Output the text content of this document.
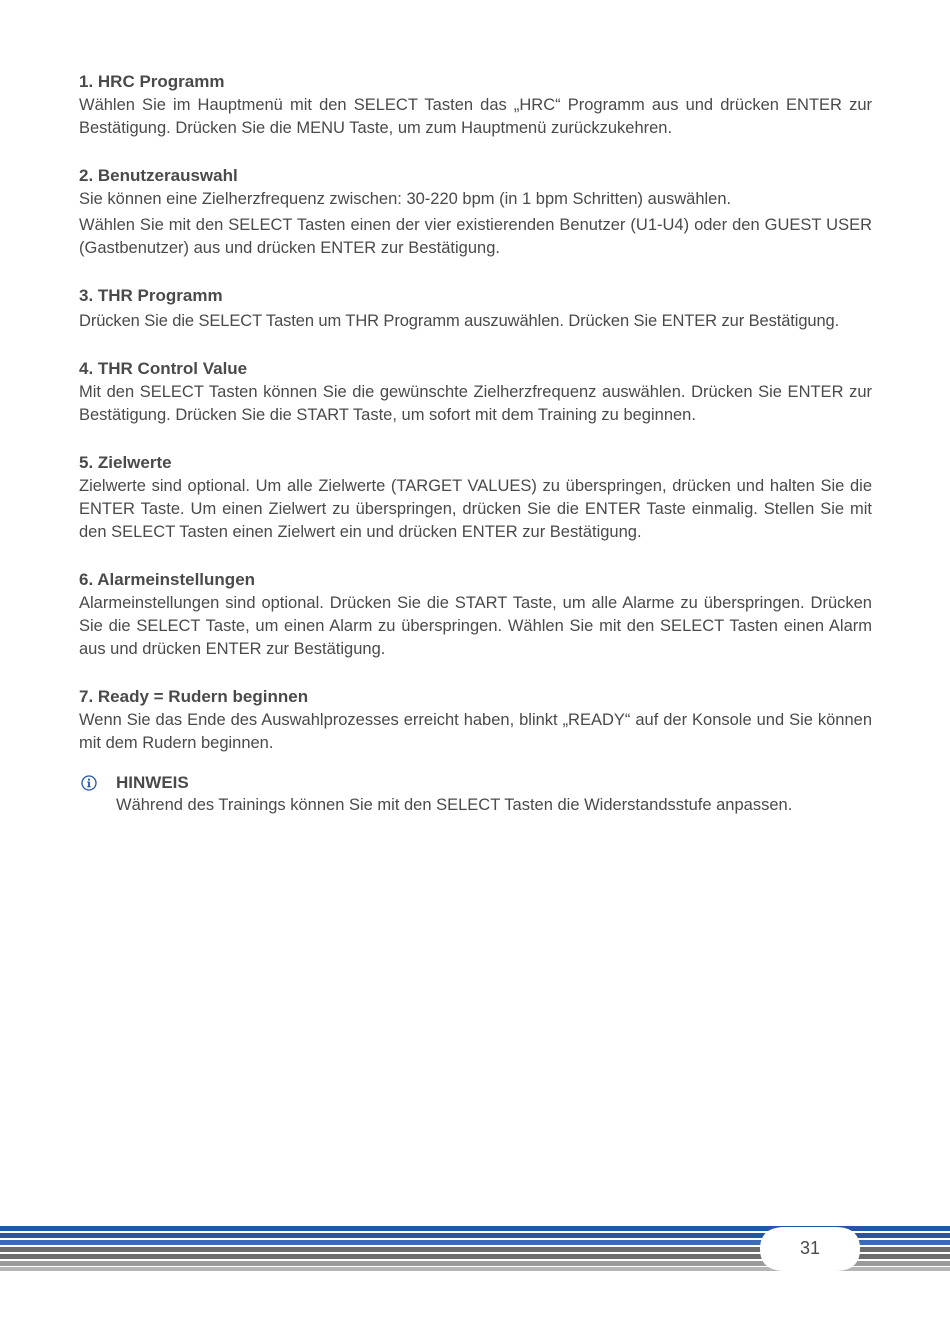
1. HRC Programm

Wählen Sie im Hauptmenü mit den SELECT Tasten das „HRC“ Programm aus und drücken ENTER zur Bestätigung. Drücken Sie die MENU Taste, um zum Hauptmenü zurückzukehren.

2. Benutzerauswahl

Sie können eine Zielherzfrequenz zwischen: 30-220 bpm (in 1 bpm Schritten) auswählen.

Wählen Sie mit den SELECT Tasten einen der vier existierenden Benutzer (U1-U4) oder den GUEST USER (Gastbenutzer) aus und drücken ENTER zur Bestätigung.

3. THR Programm

Drücken Sie die SELECT Tasten um THR Programm auszuwählen. Drücken Sie ENTER zur Bestätigung.

4. THR Control Value

Mit den SELECT Tasten können Sie die gewünschte Zielherzfrequenz auswählen. Drücken Sie ENTER zur Bestätigung. Drücken Sie die START Taste, um sofort mit dem Training zu beginnen.

5. Zielwerte

Zielwerte sind optional. Um alle Zielwerte (TARGET VALUES) zu überspringen, drücken und halten Sie die ENTER Taste. Um einen Zielwert zu überspringen, drücken Sie die ENTER Taste einmalig. Stellen Sie mit den SELECT Tasten einen Zielwert ein und drücken ENTER zur Bestätigung.

6. Alarmeinstellungen

Alarmeinstellungen sind optional. Drücken Sie die START Taste, um alle Alarme zu überspringen. Drücken Sie die SELECT Taste, um einen Alarm zu überspringen. Wählen Sie mit den SELECT Tasten einen Alarm aus und drücken ENTER zur Bestätigung.

7. Ready = Rudern beginnen

Wenn Sie das Ende des Auswahlprozesses erreicht haben, blinkt „READY“ auf der Konsole und Sie können mit dem Rudern beginnen.

HINWEIS

Während des Trainings können Sie mit den SELECT Tasten die Widerstandsstufe anpassen.

31
